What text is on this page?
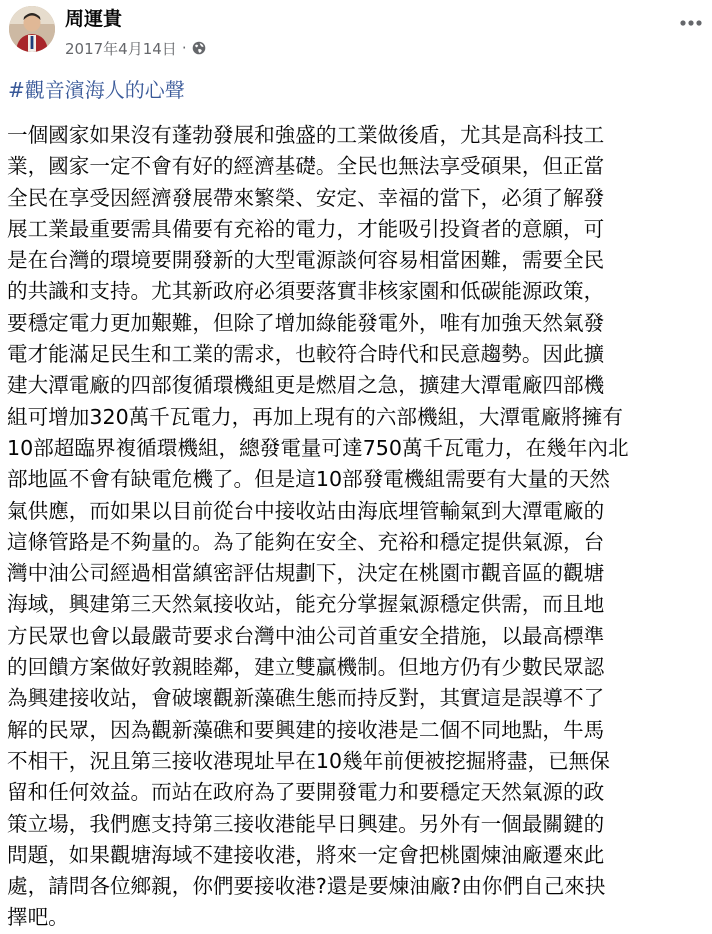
周運貴
2017年4月14日 ·
#觀音濱海人的心聲
一個國家如果沒有蓬勃發展和強盛的工業做後盾，尤其是高科技工
業，國家一定不會有好的經濟基礎。全民也無法享受碩果，但正當
全民在享受因經濟發展帶來繁榮、安定、幸福的當下，必須了解發
展工業最重要需具備要有充裕的電力，才能吸引投資者的意願，可
是在台灣的環境要開發新的大型電源談何容易相當困難，需要全民
的共識和支持。尤其新政府必須要落實非核家園和低碳能源政策，
要穩定電力更加艱難，但除了增加綠能發電外，唯有加強天然氣發
電才能滿足民生和工業的需求，也較符合時代和民意趨勢。因此擴
建大潭電廠的四部復循環機組更是燃眉之急，擴建大潭電廠四部機
組可增加320萬千瓦電力，再加上現有的六部機組，大潭電廠將擁有
10部超臨界複循環機組，總發電量可達750萬千瓦電力，在幾年內北
部地區不會有缺電危機了。但是這10部發電機組需要有大量的天然
氣供應，而如果以目前從台中接收站由海底埋管輸氣到大潭電廠的
這條管路是不夠量的。為了能夠在安全、充裕和穩定提供氣源，台
灣中油公司經過相當縝密評估規劃下，決定在桃園市觀音區的觀塘
海域，興建第三天然氣接收站，能充分掌握氣源穩定供需，而且地
方民眾也會以最嚴苛要求台灣中油公司首重安全措施，以最高標準
的回饋方案做好敦親睦鄰，建立雙贏機制。但地方仍有少數民眾認
為興建接收站，會破壞觀新藻礁生態而持反對，其實這是誤導不了
解的民眾，因為觀新藻礁和要興建的接收港是二個不同地點，牛馬
不相干，況且第三接收港現址早在10幾年前便被挖掘將盡，已無保
留和任何效益。而站在政府為了要開發電力和要穩定天然氣源的政
策立場，我們應支持第三接收港能早日興建。另外有一個最關鍵的
問題，如果觀塘海域不建接收港，將來一定會把桃園煉油廠遷來此
處，請問各位鄉親，你們要接收港?還是要煉油廠?由你們自己來抉
擇吧。
